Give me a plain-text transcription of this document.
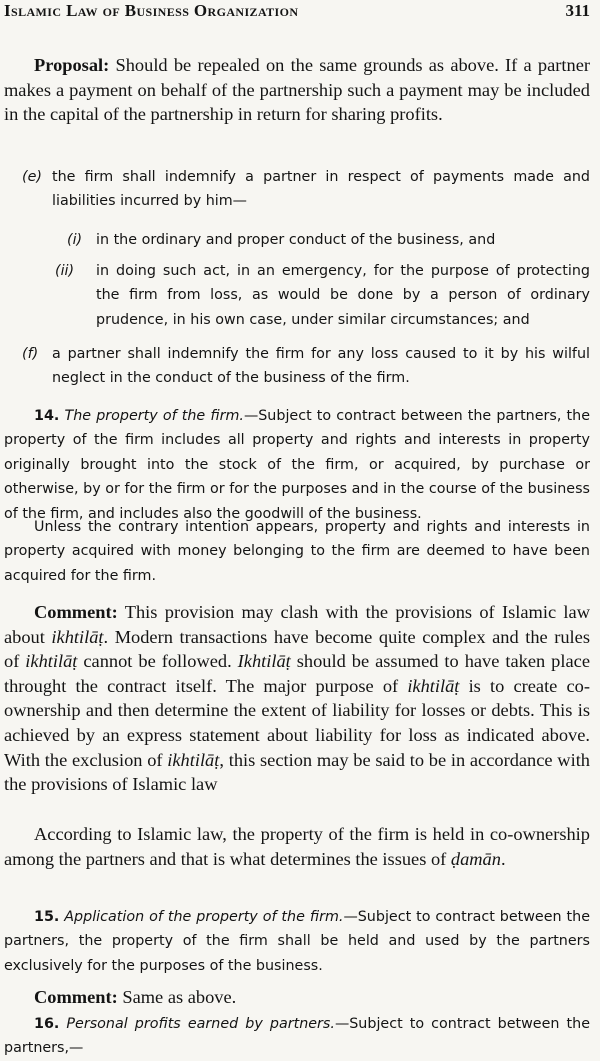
Islamic Law of Business Organization	311

Proposal: Should be repealed on the same grounds as above. If a partner makes a payment on behalf of the partnership such a payment may be included in the capital of the partnership in return for sharing profits.

(e) the firm shall indemnify a partner in respect of payments made and liabilities incurred by him—
(i) in the ordinary and proper conduct of the business, and
(ii) in doing such act, in an emergency, for the purpose of protecting the firm from loss, as would be done by a person of ordinary prudence, in his own case, under similar circumstances; and
(f) a partner shall indemnify the firm for any loss caused to it by his wilful neglect in the conduct of the business of the firm.

14. The property of the firm.—Subject to contract between the partners, the property of the firm includes all property and rights and interests in property originally brought into the stock of the firm, or acquired, by purchase or otherwise, by or for the firm or for the purposes and in the course of the business of the firm, and includes also the goodwill of the business.

Unless the contrary intention appears, property and rights and interests in property acquired with money belonging to the firm are deemed to have been acquired for the firm.

Comment: This provision may clash with the provisions of Islamic law about ikhtilāṭ. Modern transactions have become quite complex and the rules of ikhtilāṭ cannot be followed. Ikhtilāṭ should be assumed to have taken place throught the contract itself. The major purpose of ikhtilāṭ is to create co-ownership and then determine the extent of liability for losses or debts. This is achieved by an express statement about liability for loss as indicated above. With the exclusion of ikhtilāṭ, this section may be said to be in accordance with the provisions of Islamic law

According to Islamic law, the property of the firm is held in co-ownership among the partners and that is what determines the issues of ḍamān.

15. Application of the property of the firm.—Subject to contract between the partners, the property of the firm shall be held and used by the partners exclusively for the purposes of the business.

Comment: Same as above.

16. Personal profits earned by partners.—Subject to contract between the partners,—
